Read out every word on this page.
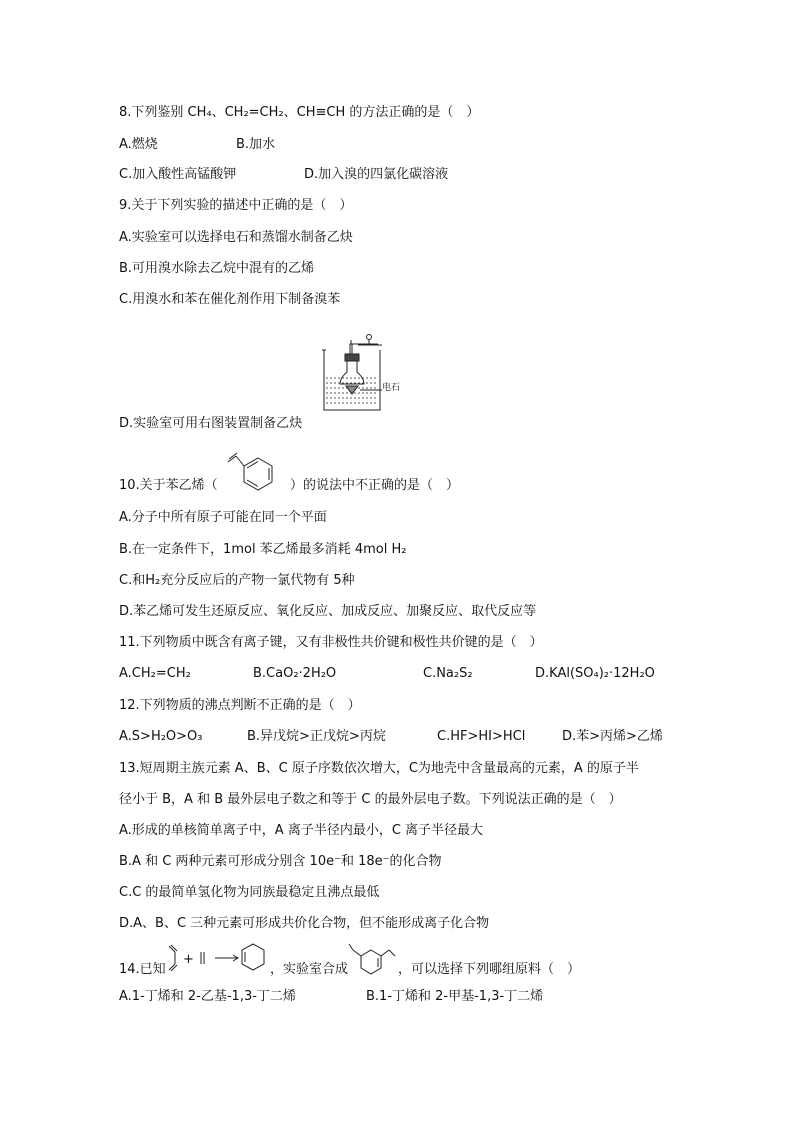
8.下列鉴别 CH₄、CH₂=CH₂、CH≡CH 的方法正确的是（　）
A.燃烧	B.加水
C.加入酸性高锰酸钾	D.加入溴的四氯化碳溶液
9.关于下列实验的描述中正确的是（　）
A.实验室可以选择电石和蒸馏水制备乙炔
B.可用溴水除去乙烷中混有的乙烯
C.用溴水和苯在催化剂作用下制备溴苯
电石
D.实验室可用右图装置制备乙炔
10.关于苯乙烯（	）的说法中不正确的是（　）
A.分子中所有原子可能在同一个平面
B.在一定条件下，1mol 苯乙烯最多消耗 4mol H₂
C.和H₂充分反应后的产物一氯代物有 5种
D.苯乙烯可发生还原反应、氧化反应、加成反应、加聚反应、取代反应等
11.下列物质中既含有离子键，又有非极性共价键和极性共价键的是（　）
A.CH₂=CH₂	B.CaO₂·2H₂O	C.Na₂S₂	D.KAl(SO₄)₂·12H₂O
12.下列物质的沸点判断不正确的是（　）
A.S>H₂O>O₃	B.异戊烷>正戊烷>丙烷	C.HF>HI>HCl	D.苯>丙烯>乙烯
13.短周期主族元素 A、B、C 原子序数依次增大，C为地壳中含量最高的元素，A 的原子半
径小于 B，A 和 B 最外层电子数之和等于 C 的最外层电子数。下列说法正确的是（　）
A.形成的单核简单离子中，A 离子半径内最小，C 离子半径最大
B.A 和 C 两种元素可形成分别含 10e⁻和 18e⁻的化合物
C.C 的最简单氢化物为同族最稳定且沸点最低
D.A、B、C 三种元素可形成共价化合物，但不能形成离子化合物
14.已知
+
，实验室合成	，可以选择下列哪组原料（　）
A.1-丁烯和 2-乙基-1,3-丁二烯	B.1-丁烯和 2-甲基-1,3-丁二烯
